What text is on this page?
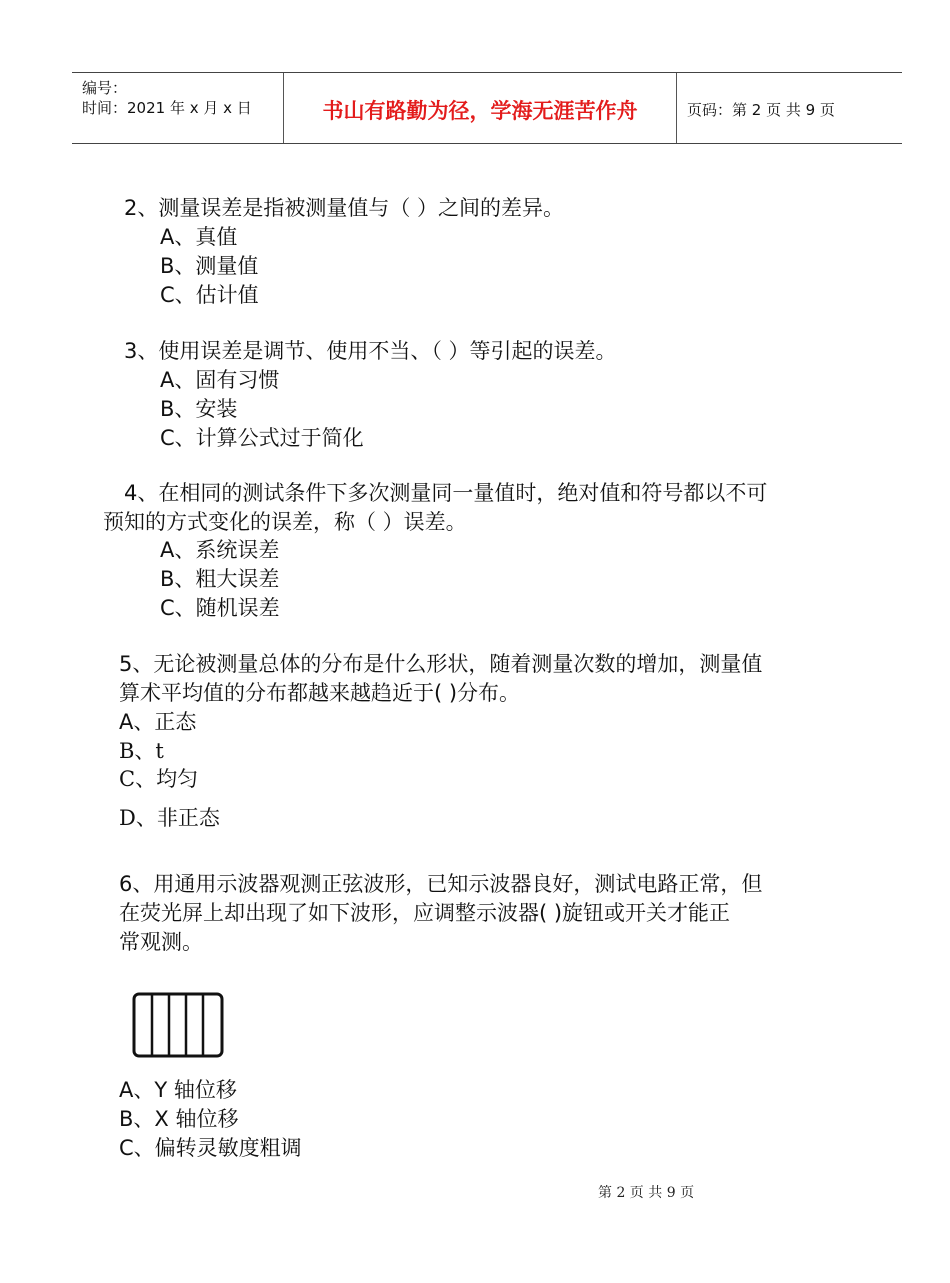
编号：
时间：2021 年 x 月 x 日	书山有路勤为径，学海无涯苦作舟	页码：第 2 页 共 9 页
2、测量误差是指被测量值与（ ）之间的差异。
A、真值
B、测量值
C、估计值
3、使用误差是调节、使用不当、（ ）等引起的误差。
A、固有习惯
B、安装
C、计算公式过于简化
4、在相同的测试条件下多次测量同一量值时，绝对值和符号都以不可
预知的方式变化的误差，称（ ）误差。
A、系统误差
B、粗大误差
C、随机误差
5、无论被测量总体的分布是什么形状，随着测量次数的增加，测量值
算术平均值的分布都越来越趋近于( )分布。
A、正态
B、t
C、均匀
D、非正态
6、用通用示波器观测正弦波形，已知示波器良好，测试电路正常，但
在荧光屏上却出现了如下波形，应调整示波器( )旋钮或开关才能正
常观测。
A、Y 轴位移
B、X 轴位移
C、偏转灵敏度粗调
第 2 页 共 9 页
